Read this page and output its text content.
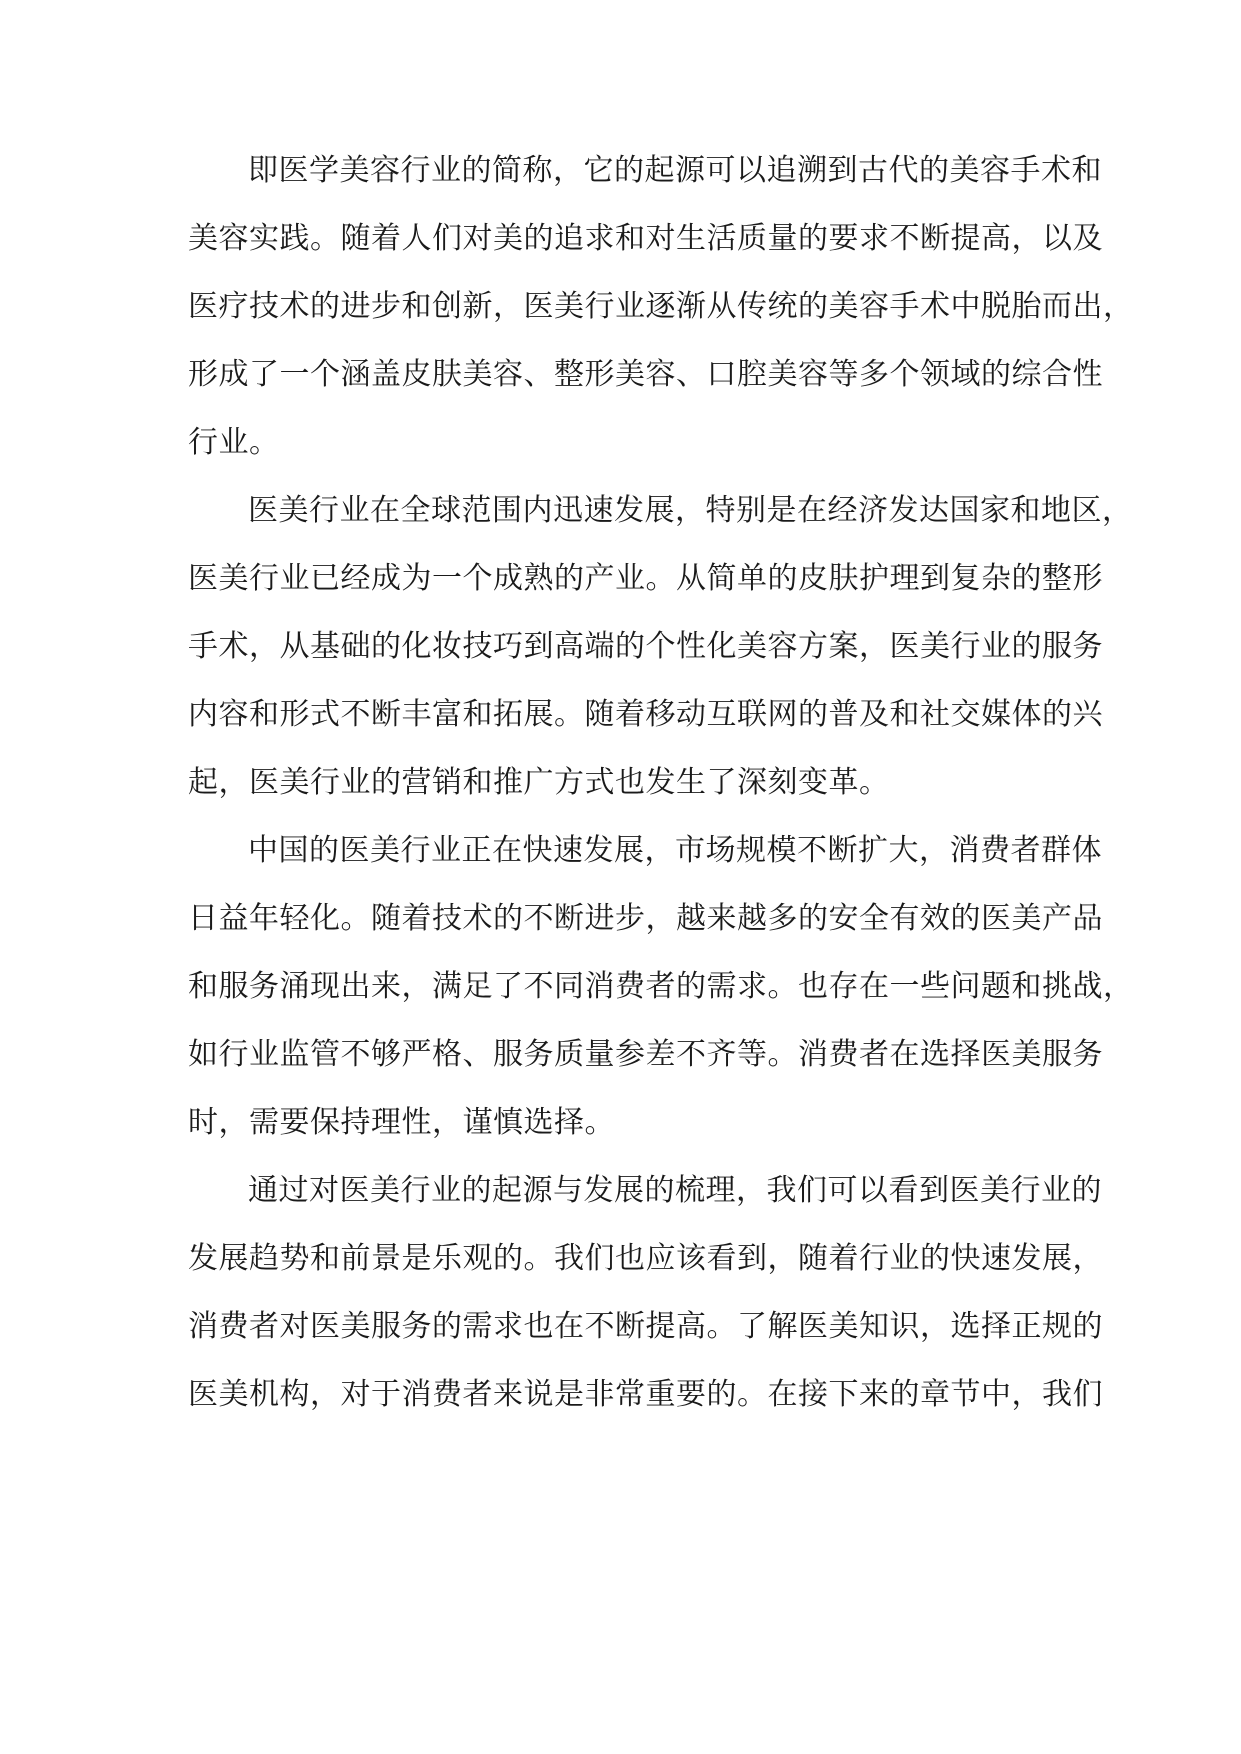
即医学美容行业的简称，它的起源可以追溯到古代的美容手术和
美容实践。随着人们对美的追求和对生活质量的要求不断提高，以及
医疗技术的进步和创新，医美行业逐渐从传统的美容手术中脱胎而出，
形成了一个涵盖皮肤美容、整形美容、口腔美容等多个领域的综合性
行业。
医美行业在全球范围内迅速发展，特别是在经济发达国家和地区，
医美行业已经成为一个成熟的产业。从简单的皮肤护理到复杂的整形
手术，从基础的化妆技巧到高端的个性化美容方案，医美行业的服务
内容和形式不断丰富和拓展。随着移动互联网的普及和社交媒体的兴
起，医美行业的营销和推广方式也发生了深刻变革。
中国的医美行业正在快速发展，市场规模不断扩大，消费者群体
日益年轻化。随着技术的不断进步，越来越多的安全有效的医美产品
和服务涌现出来，满足了不同消费者的需求。也存在一些问题和挑战，
如行业监管不够严格、服务质量参差不齐等。消费者在选择医美服务
时，需要保持理性，谨慎选择。
通过对医美行业的起源与发展的梳理，我们可以看到医美行业的
发展趋势和前景是乐观的。我们也应该看到，随着行业的快速发展，
消费者对医美服务的需求也在不断提高。了解医美知识，选择正规的
医美机构，对于消费者来说是非常重要的。在接下来的章节中，我们
